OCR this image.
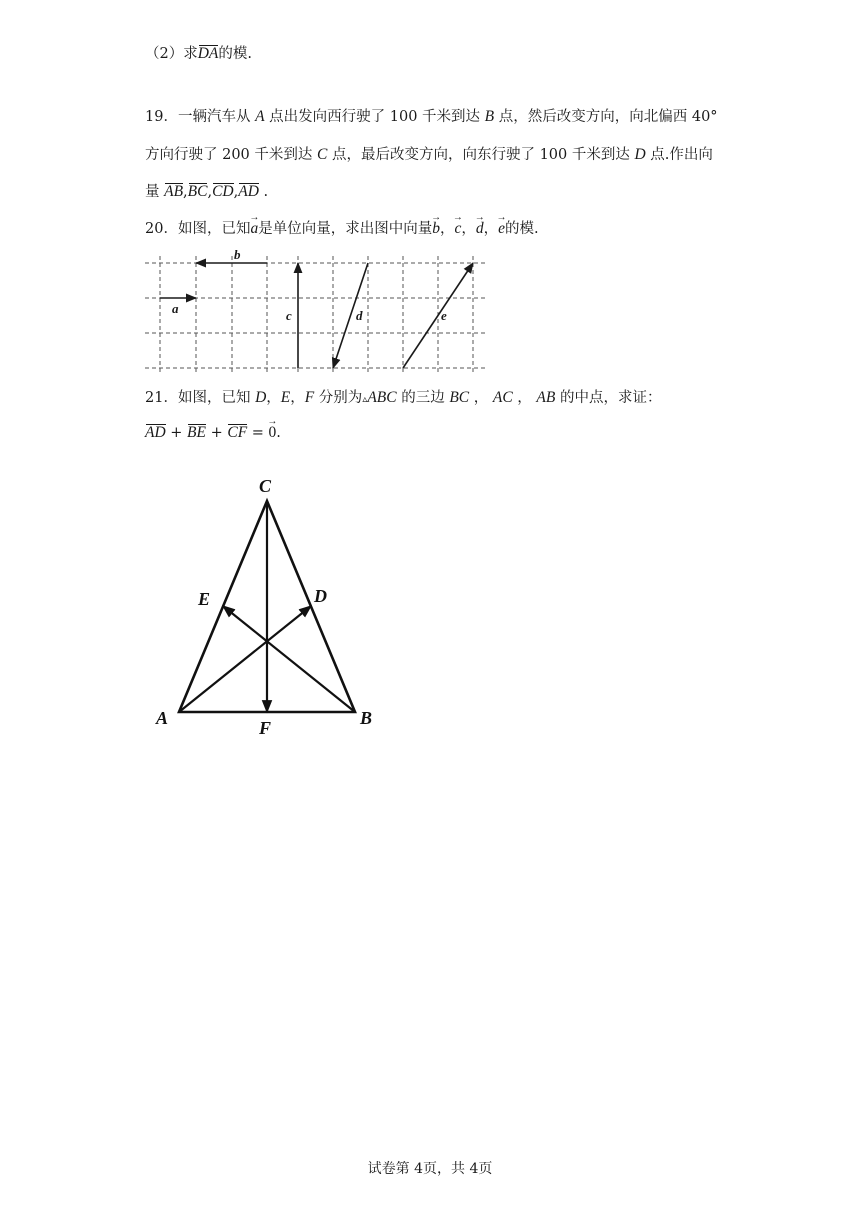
（2）求DA的模.
19．一辆汽车从 A 点出发向西行驶了 100 千米到达 B 点，然后改变方向，向北偏西 40°
方向行驶了 200 千米到达 C 点，最后改变方向，向东行驶了 100 千米到达 D 点.作出向
量 AB,BC,CD,AD .
20．如图，已知→ a是单位向量，求出图中向量→ b，→ c，→ d，→ e的模.
a
b
c	d	e
21．如图，已知 D，E，F 分别为▵ABC 的三边 BC ， AC ， AB 的中点，求证：
AD + BE + CF = → 0.
C
E	D
A	F	B
试卷第 4页，共 4页
